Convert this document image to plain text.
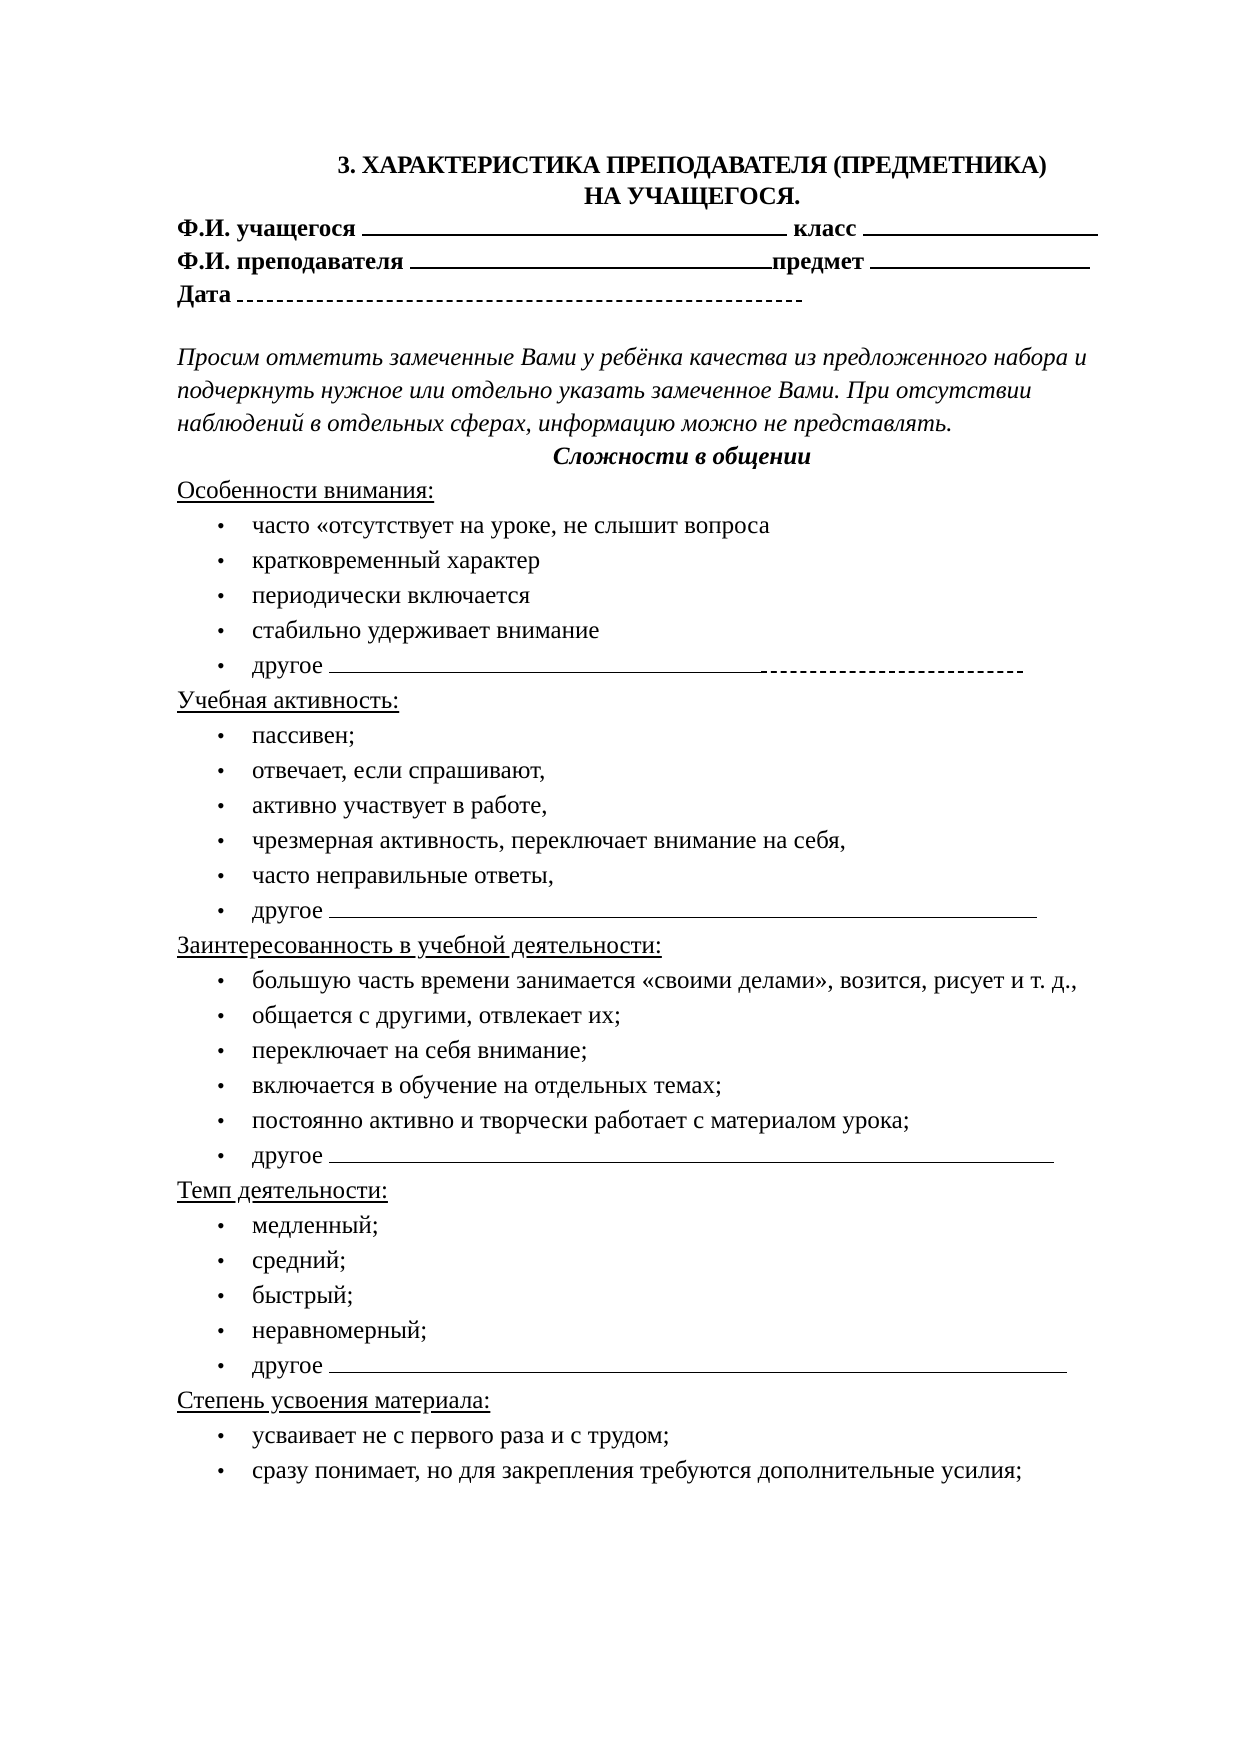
3. ХАРАКТЕРИСТИКА ПРЕПОДАВАТЕЛЯ (ПРЕДМЕТНИКА)
НА УЧАЩЕГОСЯ.
Ф.И. учащегося	класс
Ф.И. преподавателя	предмет
Дата
Просим отметить замеченные Вами у ребёнка качества из предложенного набора и подчеркнуть нужное или отдельно указать замеченное Вами. При отсутствии наблюдений в отдельных сферах, информацию можно не представлять.
Сложности в общении
Особенности внимания:
• часто «отсутствует на уроке, не слышит вопроса
• кратковременный характер
• периодически включается
• стабильно удерживает внимание
• другое
Учебная активность:
• пассивен;
• отвечает, если спрашивают,
• активно участвует в работе,
• чрезмерная активность, переключает внимание на себя,
• часто неправильные ответы,
• другое
Заинтересованность в учебной деятельности:
• большую часть времени занимается «своими делами», возится, рисует и т. д.,
• общается с другими, отвлекает их;
• переключает на себя внимание;
• включается в обучение на отдельных темах;
• постоянно активно и творчески работает с материалом урока;
• другое
Темп деятельности:
• медленный;
• средний;
• быстрый;
• неравномерный;
• другое
Степень усвоения материала:
• усваивает не с первого раза и с трудом;
• сразу понимает, но для закрепления требуются дополнительные усилия;
